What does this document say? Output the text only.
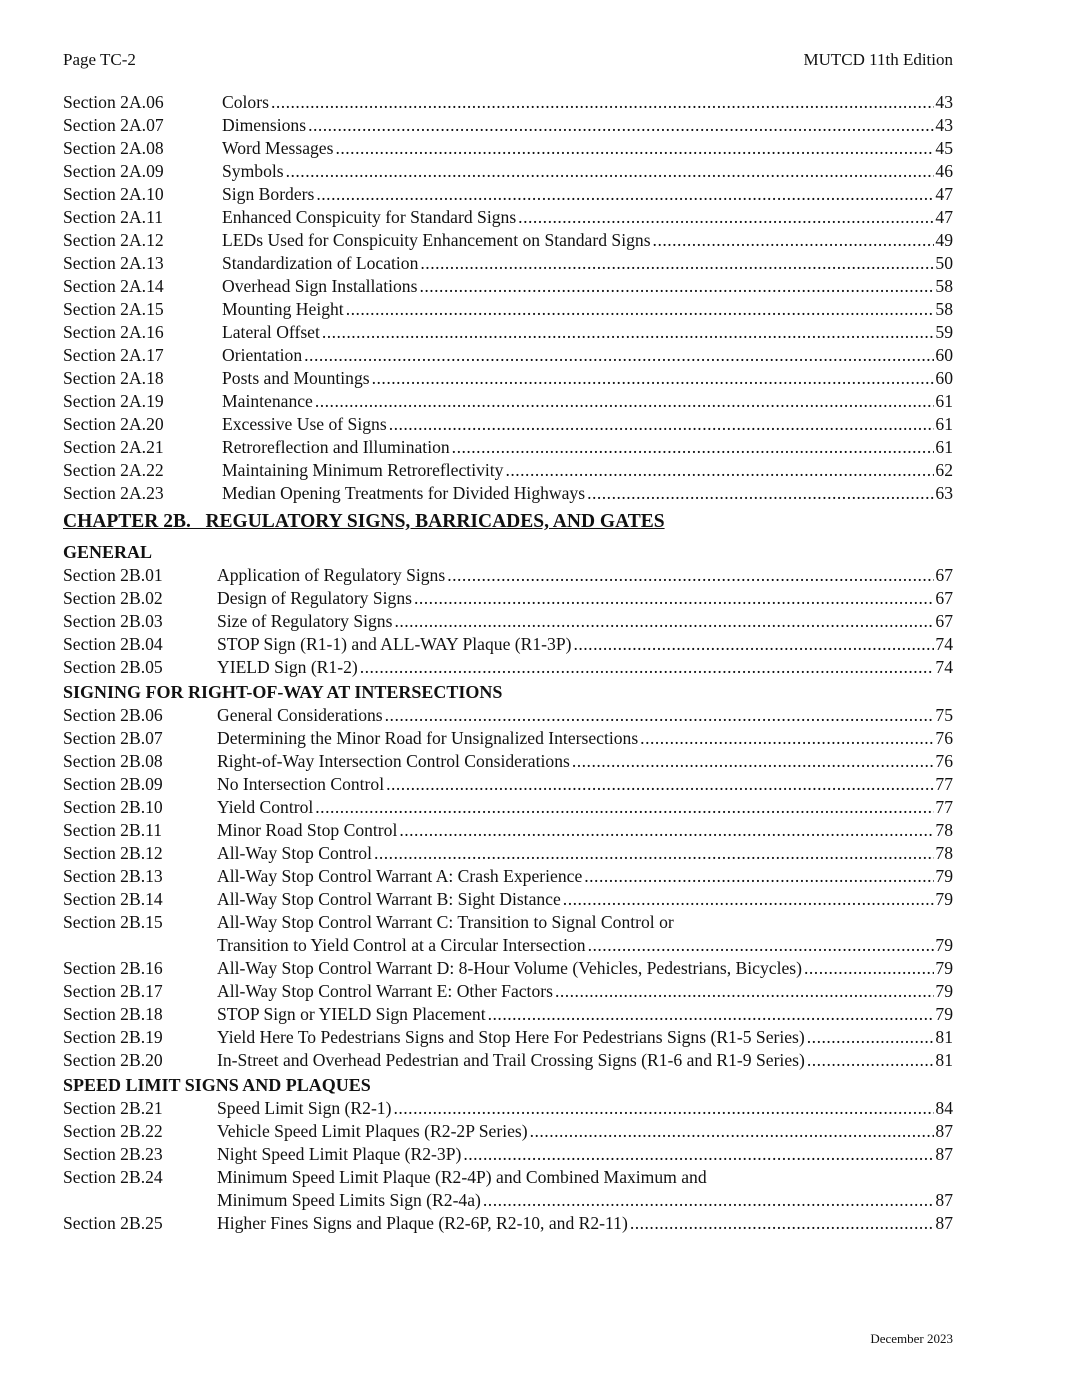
Page TC-2	MUTCD 11th Edition
Section 2A.06	Colors .....	43
Section 2A.07	Dimensions .....	43
Section 2A.08	Word Messages .....	45
Section 2A.09	Symbols .....	46
Section 2A.10	Sign Borders .....	47
Section 2A.11	Enhanced Conspicuity for Standard Signs .....	47
Section 2A.12	LEDs Used for Conspicuity Enhancement on Standard Signs .....	49
Section 2A.13	Standardization of Location .....	50
Section 2A.14	Overhead Sign Installations .....	58
Section 2A.15	Mounting Height .....	58
Section 2A.16	Lateral Offset .....	59
Section 2A.17	Orientation .....	60
Section 2A.18	Posts and Mountings .....	60
Section 2A.19	Maintenance .....	61
Section 2A.20	Excessive Use of Signs .....	61
Section 2A.21	Retroreflection and Illumination .....	61
Section 2A.22	Maintaining Minimum Retroreflectivity .....	62
Section 2A.23	Median Opening Treatments for Divided Highways .....	63
CHAPTER 2B.   REGULATORY SIGNS, BARRICADES, AND GATES
GENERAL
Section 2B.01	Application of Regulatory Signs .....	67
Section 2B.02	Design of Regulatory Signs .....	67
Section 2B.03	Size of Regulatory Signs .....	67
Section 2B.04	STOP Sign (R1-1) and ALL-WAY Plaque (R1-3P) .....	74
Section 2B.05	YIELD Sign (R1-2) .....	74
SIGNING FOR RIGHT-OF-WAY AT INTERSECTIONS
Section 2B.06	General Considerations .....	75
Section 2B.07	Determining the Minor Road for Unsignalized Intersections .....	76
Section 2B.08	Right-of-Way Intersection Control Considerations .....	76
Section 2B.09	No Intersection Control .....	77
Section 2B.10	Yield Control .....	77
Section 2B.11	Minor Road Stop Control .....	78
Section 2B.12	All-Way Stop Control .....	78
Section 2B.13	All-Way Stop Control Warrant A: Crash Experience .....	79
Section 2B.14	All-Way Stop Control Warrant B: Sight Distance .....	79
Section 2B.15	All-Way Stop Control Warrant C: Transition to Signal Control or
Transition to Yield Control at a Circular Intersection .....	79
Section 2B.16	All-Way Stop Control Warrant D: 8-Hour Volume (Vehicles, Pedestrians, Bicycles) .....	79
Section 2B.17	All-Way Stop Control Warrant E: Other Factors .....	79
Section 2B.18	STOP Sign or YIELD Sign Placement .....	79
Section 2B.19	Yield Here To Pedestrians Signs and Stop Here For Pedestrians Signs (R1-5 Series) .....	81
Section 2B.20	In-Street and Overhead Pedestrian and Trail Crossing Signs (R1-6 and R1-9 Series) .....	81
SPEED LIMIT SIGNS AND PLAQUES
Section 2B.21	Speed Limit Sign (R2-1) .....	84
Section 2B.22	Vehicle Speed Limit Plaques (R2-2P Series) .....	87
Section 2B.23	Night Speed Limit Plaque (R2-3P) .....	87
Section 2B.24	Minimum Speed Limit Plaque (R2-4P) and Combined Maximum and
Minimum Speed Limits Sign (R2-4a) .....	87
Section 2B.25	Higher Fines Signs and Plaque (R2-6P, R2-10, and R2-11) .....	87
December 2023
